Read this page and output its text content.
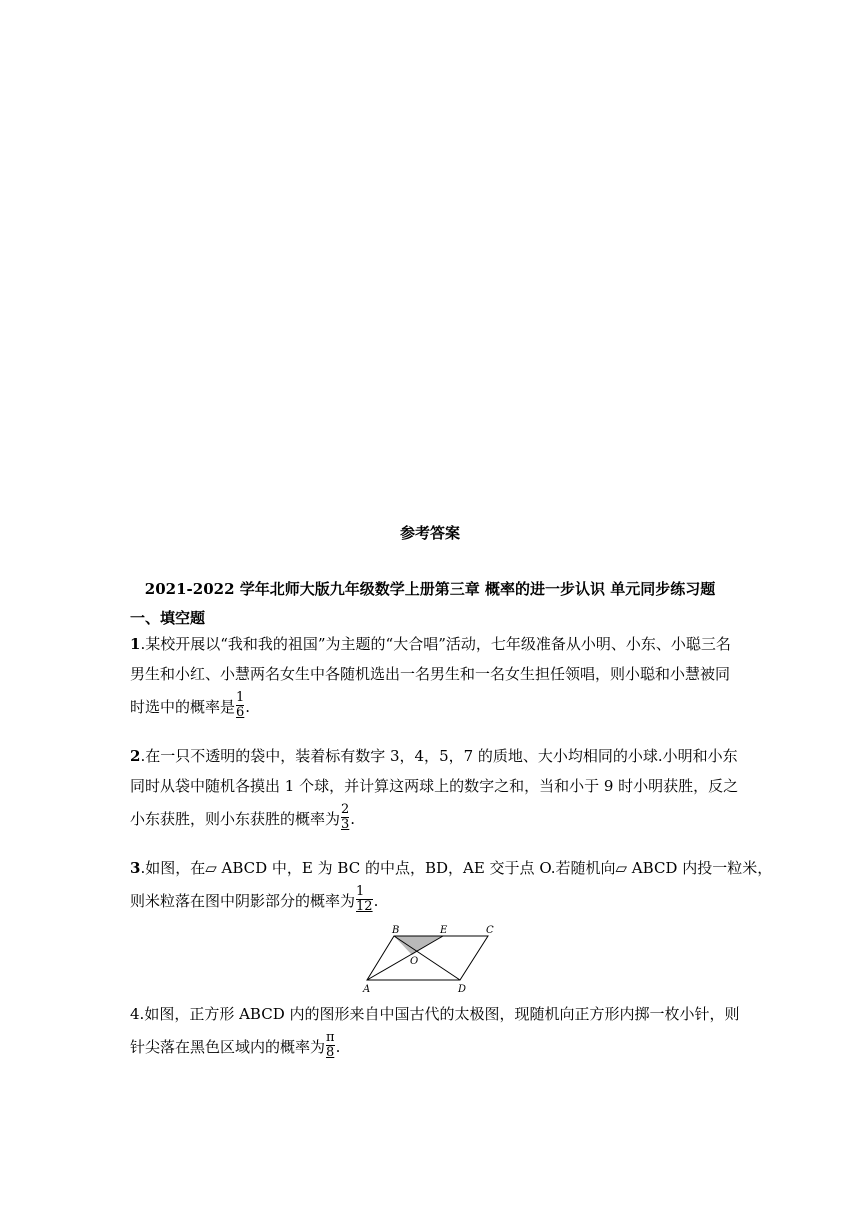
参考答案
2021-2022 学年北师大版九年级数学上册第三章 概率的进一步认识 单元同步练习题
一、填空题
1.某校开展以“我和我的祖国”为主题的“大合唱”活动，七年级准备从小明、小东、小聪三名
男生和小红、小慧两名女生中各随机选出一名男生和一名女生担任领唱，则小聪和小慧被同
时选中的概率是 $\frac{1}{6}$ .
2.在一只不透明的袋中，装着标有数字 3，4，5，7 的质地、大小均相同的小球.小明和小东
同时从袋中随机各摸出 1 个球，并计算这两球上的数字之和，当和小于 9 时小明获胜，反之
小东获胜，则小东获胜的概率为 $\frac{2}{3}$ .
3.如图，在▱ ABCD 中，E 为 BC 的中点，BD，AE 交于点 O.若随机向▱ ABCD 内投一粒米，
则米粒落在图中阴影部分的概率为 $\frac{1}{12}$ .
B	E	C
O
A	D
4.如图，正方形 ABCD 内的图形来自中国古代的太极图，现随机向正方形内掷一枚小针，则
针尖落在黑色区域内的概率为 $\frac{\pi}{8}$ .
